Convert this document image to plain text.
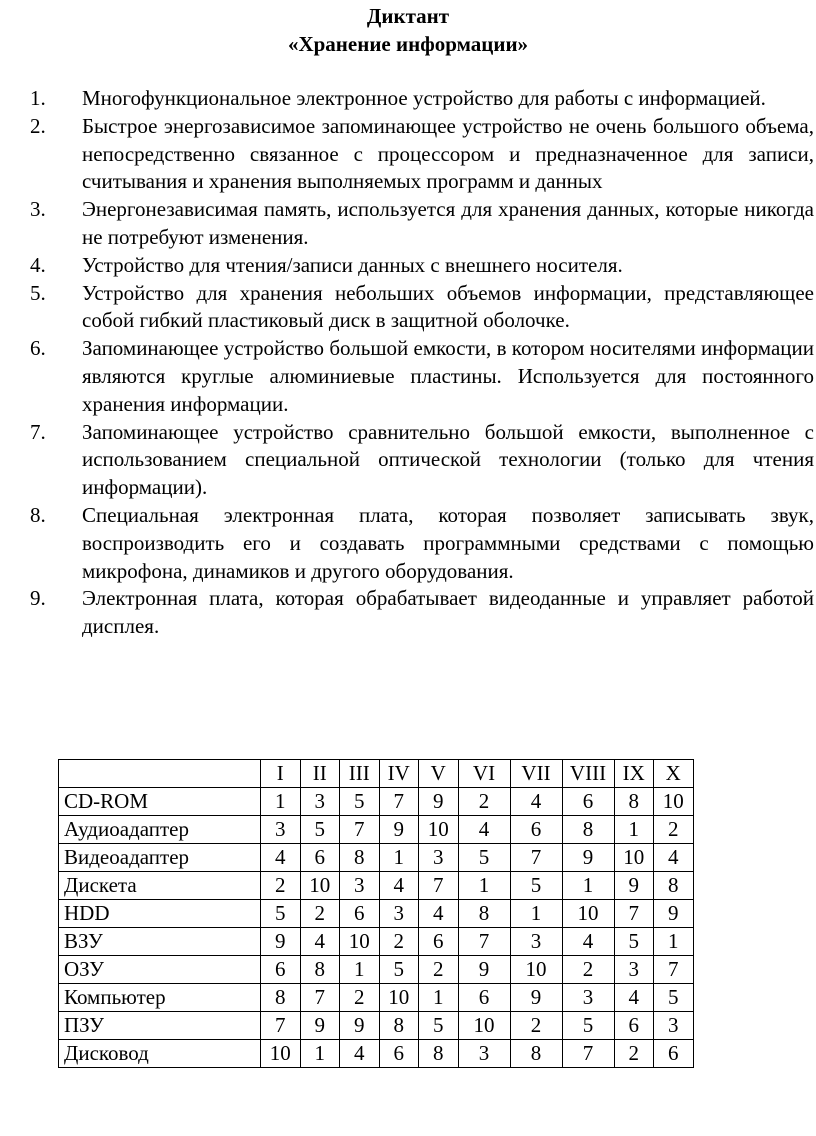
Диктант

«Хранение информации»

1. Многофункциональное электронное устройство для работы с информацией.
2. Быстрое энергозависимое запоминающее устройство не очень большого объема, непосредственно связанное с процессором и предназначенное для записи, считывания и хранения выполняемых программ и данных
3. Энергонезависимая память, используется для хранения данных, которые никогда не потребуют изменения.
4. Устройство для чтения/записи данных с внешнего носителя.
5. Устройство для хранения небольших объемов информации, представляющее собой гибкий пластиковый диск в защитной оболочке.
6. Запоминающее устройство большой емкости, в котором носителями информации являются круглые алюминиевые пластины. Используется для постоянного хранения информации.
7. Запоминающее устройство сравнительно большой емкости, выполненное с использованием специальной оптической технологии (только для чтения информации).
8. Специальная электронная плата, которая позволяет записывать звук, воспроизводить его и создавать программными средствами с помощью микрофона, динамиков и другого оборудования.
9. Электронная плата, которая обрабатывает видеоданные и управляет работой дисплея.
	I	II	III	IV	V	VI	VII	VIII	IX	X
CD-ROM	1	3	5	7	9	2	4	6	8	10
Аудиоадаптер	3	5	7	9	10	4	6	8	1	2
Видеоадаптер	4	6	8	1	3	5	7	9	10	4
Дискета	2	10	3	4	7	1	5	1	9	8
HDD	5	2	6	3	4	8	1	10	7	9
ВЗУ	9	4	10	2	6	7	3	4	5	1
ОЗУ	6	8	1	5	2	9	10	2	3	7
Компьютер	8	7	2	10	1	6	9	3	4	5
ПЗУ	7	9	9	8	5	10	2	5	6	3
Дисковод	10	1	4	6	8	3	8	7	2	6
